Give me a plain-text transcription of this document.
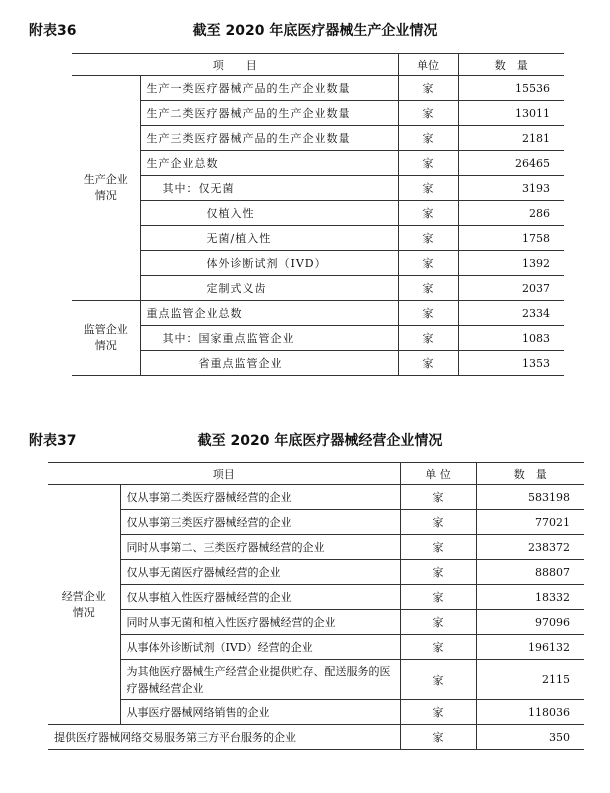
附表36	截至 2020 年底医疗器械生产企业情况
项　　目		单位	数　量
生产企业
情况	生产一类医疗器械产品的生产企业数量	家	15536
	生产二类医疗器械产品的生产企业数量	家	13011
	生产三类医疗器械产品的生产企业数量	家	2181
	生产企业总数	家	26465
	其中：仅无菌	家	3193
	仅植入性	家	286
	无菌/植入性	家	1758
	体外诊断试剂（IVD）	家	1392
	定制式义齿	家	2037
监管企业
情况	重点监管企业总数	家	2334
	其中：国家重点监管企业	家	1083
	省重点监管企业	家	1353
附表37	截至 2020 年底医疗器械经营企业情况
项目		单 位	数　量
经营企业
情况	仅从事第二类医疗器械经营的企业	家	583198
	仅从事第三类医疗器械经营的企业	家	77021
	同时从事第二、三类医疗器械经营的企业	家	238372
	仅从事无菌医疗器械经营的企业	家	88807
	仅从事植入性医疗器械经营的企业	家	18332
	同时从事无菌和植入性医疗器械经营的企业	家	97096
	从事体外诊断试剂（IVD）经营的企业	家	196132
	为其他医疗器械生产经营企业提供贮存、配送服务的医疗器械经营企业	家	2115
	从事医疗器械网络销售的企业	家	118036
提供医疗器械网络交易服务第三方平台服务的企业		家	350
